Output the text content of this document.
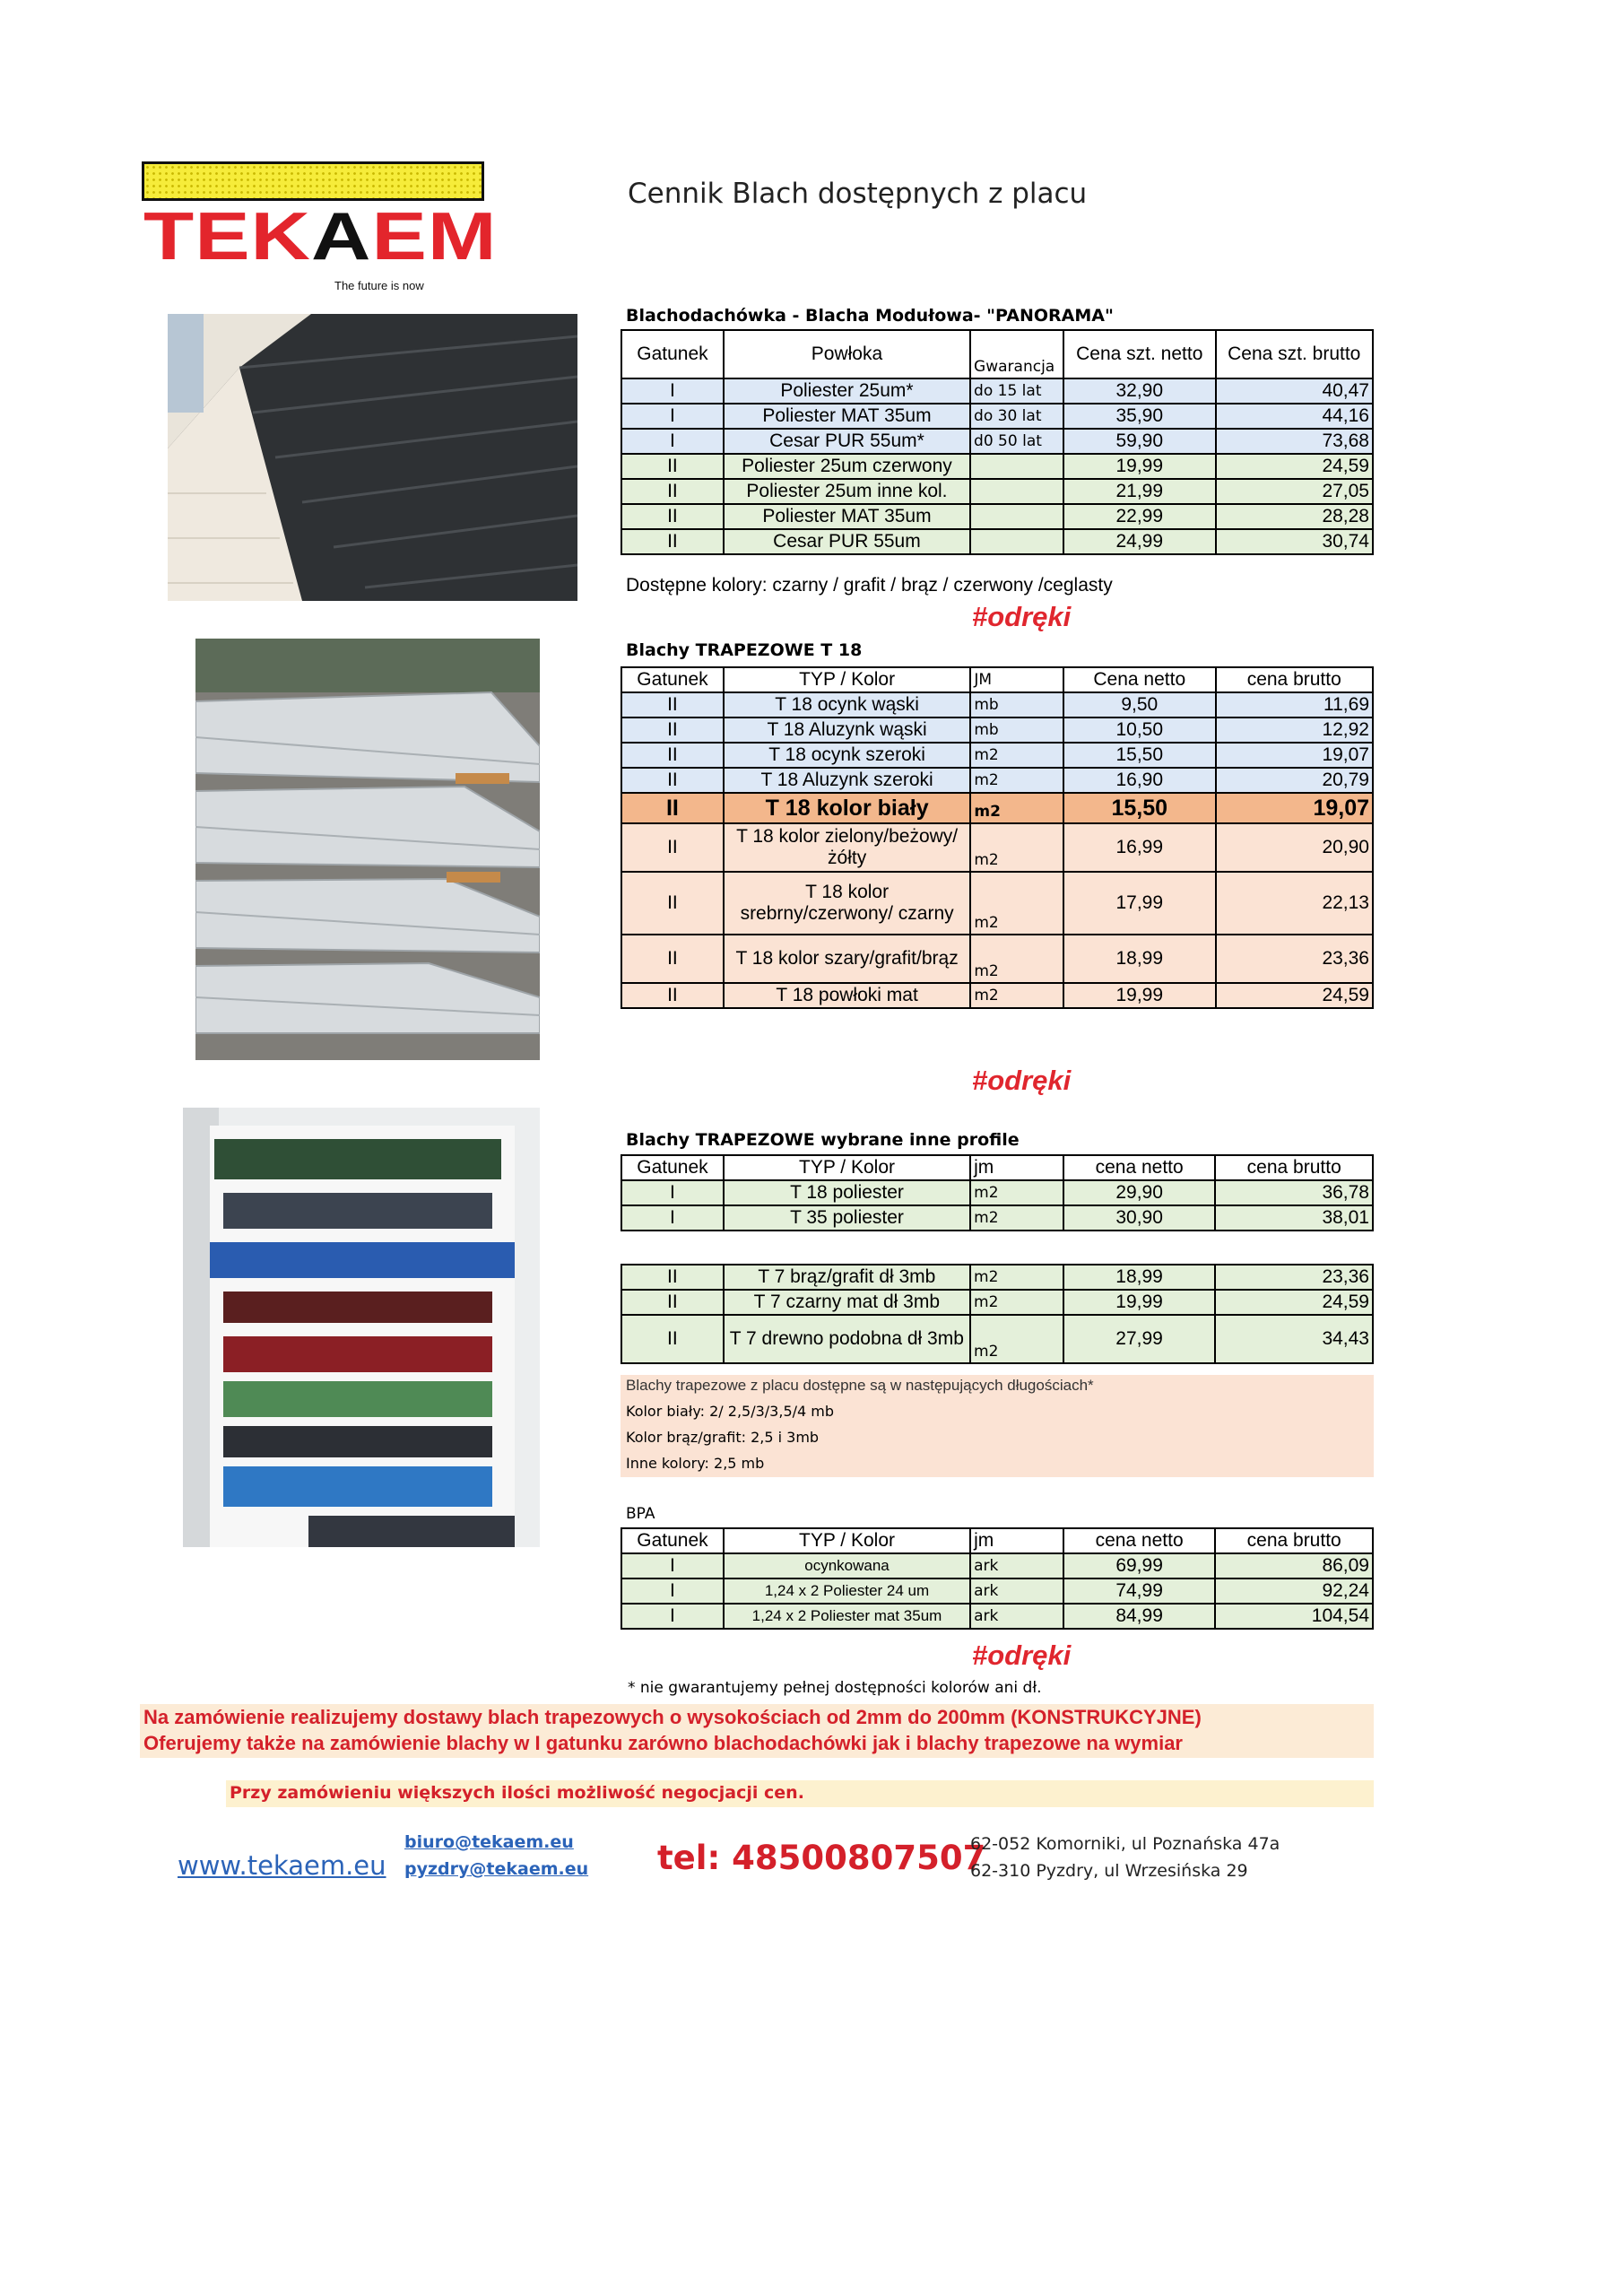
TEKAEM
The future is now
Cennik Blach dostępnych z placu
Blachodachówka - Blacha Modułowa- "PANORAMA"
Gatunek	Powłoka	Gwarancja	Cena szt. netto	Cena szt. brutto
I	Poliester 25um*	do 15 lat	32,90	40,47
I	Poliester MAT 35um	do 30 lat	35,90	44,16
I	Cesar PUR 55um*	d0 50 lat	59,90	73,68
II	Poliester 25um czerwony		19,99	24,59
II	Poliester 25um inne kol.		21,99	27,05
II	Poliester MAT 35um		22,99	28,28
II	Cesar PUR 55um		24,99	30,74
Dostępne kolory: czarny / grafit / brąz / czerwony /ceglasty
#odręki
Blachy TRAPEZOWE T 18
Gatunek	TYP / Kolor	JM	Cena netto	cena brutto
II	T 18 ocynk wąski	mb	9,50	11,69
II	T 18 Aluzynk wąski	mb	10,50	12,92
II	T 18 ocynk szeroki	m2	15,50	19,07
II	T 18 Aluzynk szeroki	m2	16,90	20,79
II	T 18 kolor biały	m2	15,50	19,07
II	T 18 kolor zielony/beżowy/żółty	m2	16,99	20,90
II	T 18 kolor srebrny/czerwony/ czarny	m2	17,99	22,13
II	T 18 kolor szary/grafit/brąz	m2	18,99	23,36
II	T 18 powłoki mat	m2	19,99	24,59
#odręki
Blachy TRAPEZOWE wybrane inne profile
Gatunek	TYP / Kolor	jm	cena netto	cena brutto
I	T 18 poliester	m2	29,90	36,78
I	T 35 poliester	m2	30,90	38,01
II	T 7 brąz/grafit dł 3mb	m2	18,99	23,36
II	T 7 czarny mat dł 3mb	m2	19,99	24,59
II	T 7 drewno podobna dł 3mb	m2	27,99	34,43
Blachy trapezowe z placu dostępne są w następujących długościach*
Kolor biały: 2/ 2,5/3/3,5/4 mb
Kolor brąz/grafit: 2,5 i 3mb
Inne kolory: 2,5 mb
BPA
Gatunek	TYP / Kolor	jm	cena netto	cena brutto
I	ocynkowana	ark	69,99	86,09
I	1,24 x 2 Poliester 24 um	ark	74,99	92,24
I	1,24 x 2 Poliester mat 35um	ark	84,99	104,54
#odręki
* nie gwarantujemy pełnej dostępności kolorów ani dł.
Na zamówienie realizujemy dostawy blach trapezowych o wysokościach od 2mm do 200mm (KONSTRUKCYJNE)
Oferujemy także na zamówienie blachy w I gatunku zarówno blachodachówki jak i blachy trapezowe na wymiar
Przy zamówieniu większych ilości możliwość negocjacji cen.
www.tekaem.eu
biuro@tekaem.eu
pyzdry@tekaem.eu tel: 48500807507
62-052 Komorniki, ul Poznańska 47a
62-310 Pyzdry, ul Wrzesińska 29
